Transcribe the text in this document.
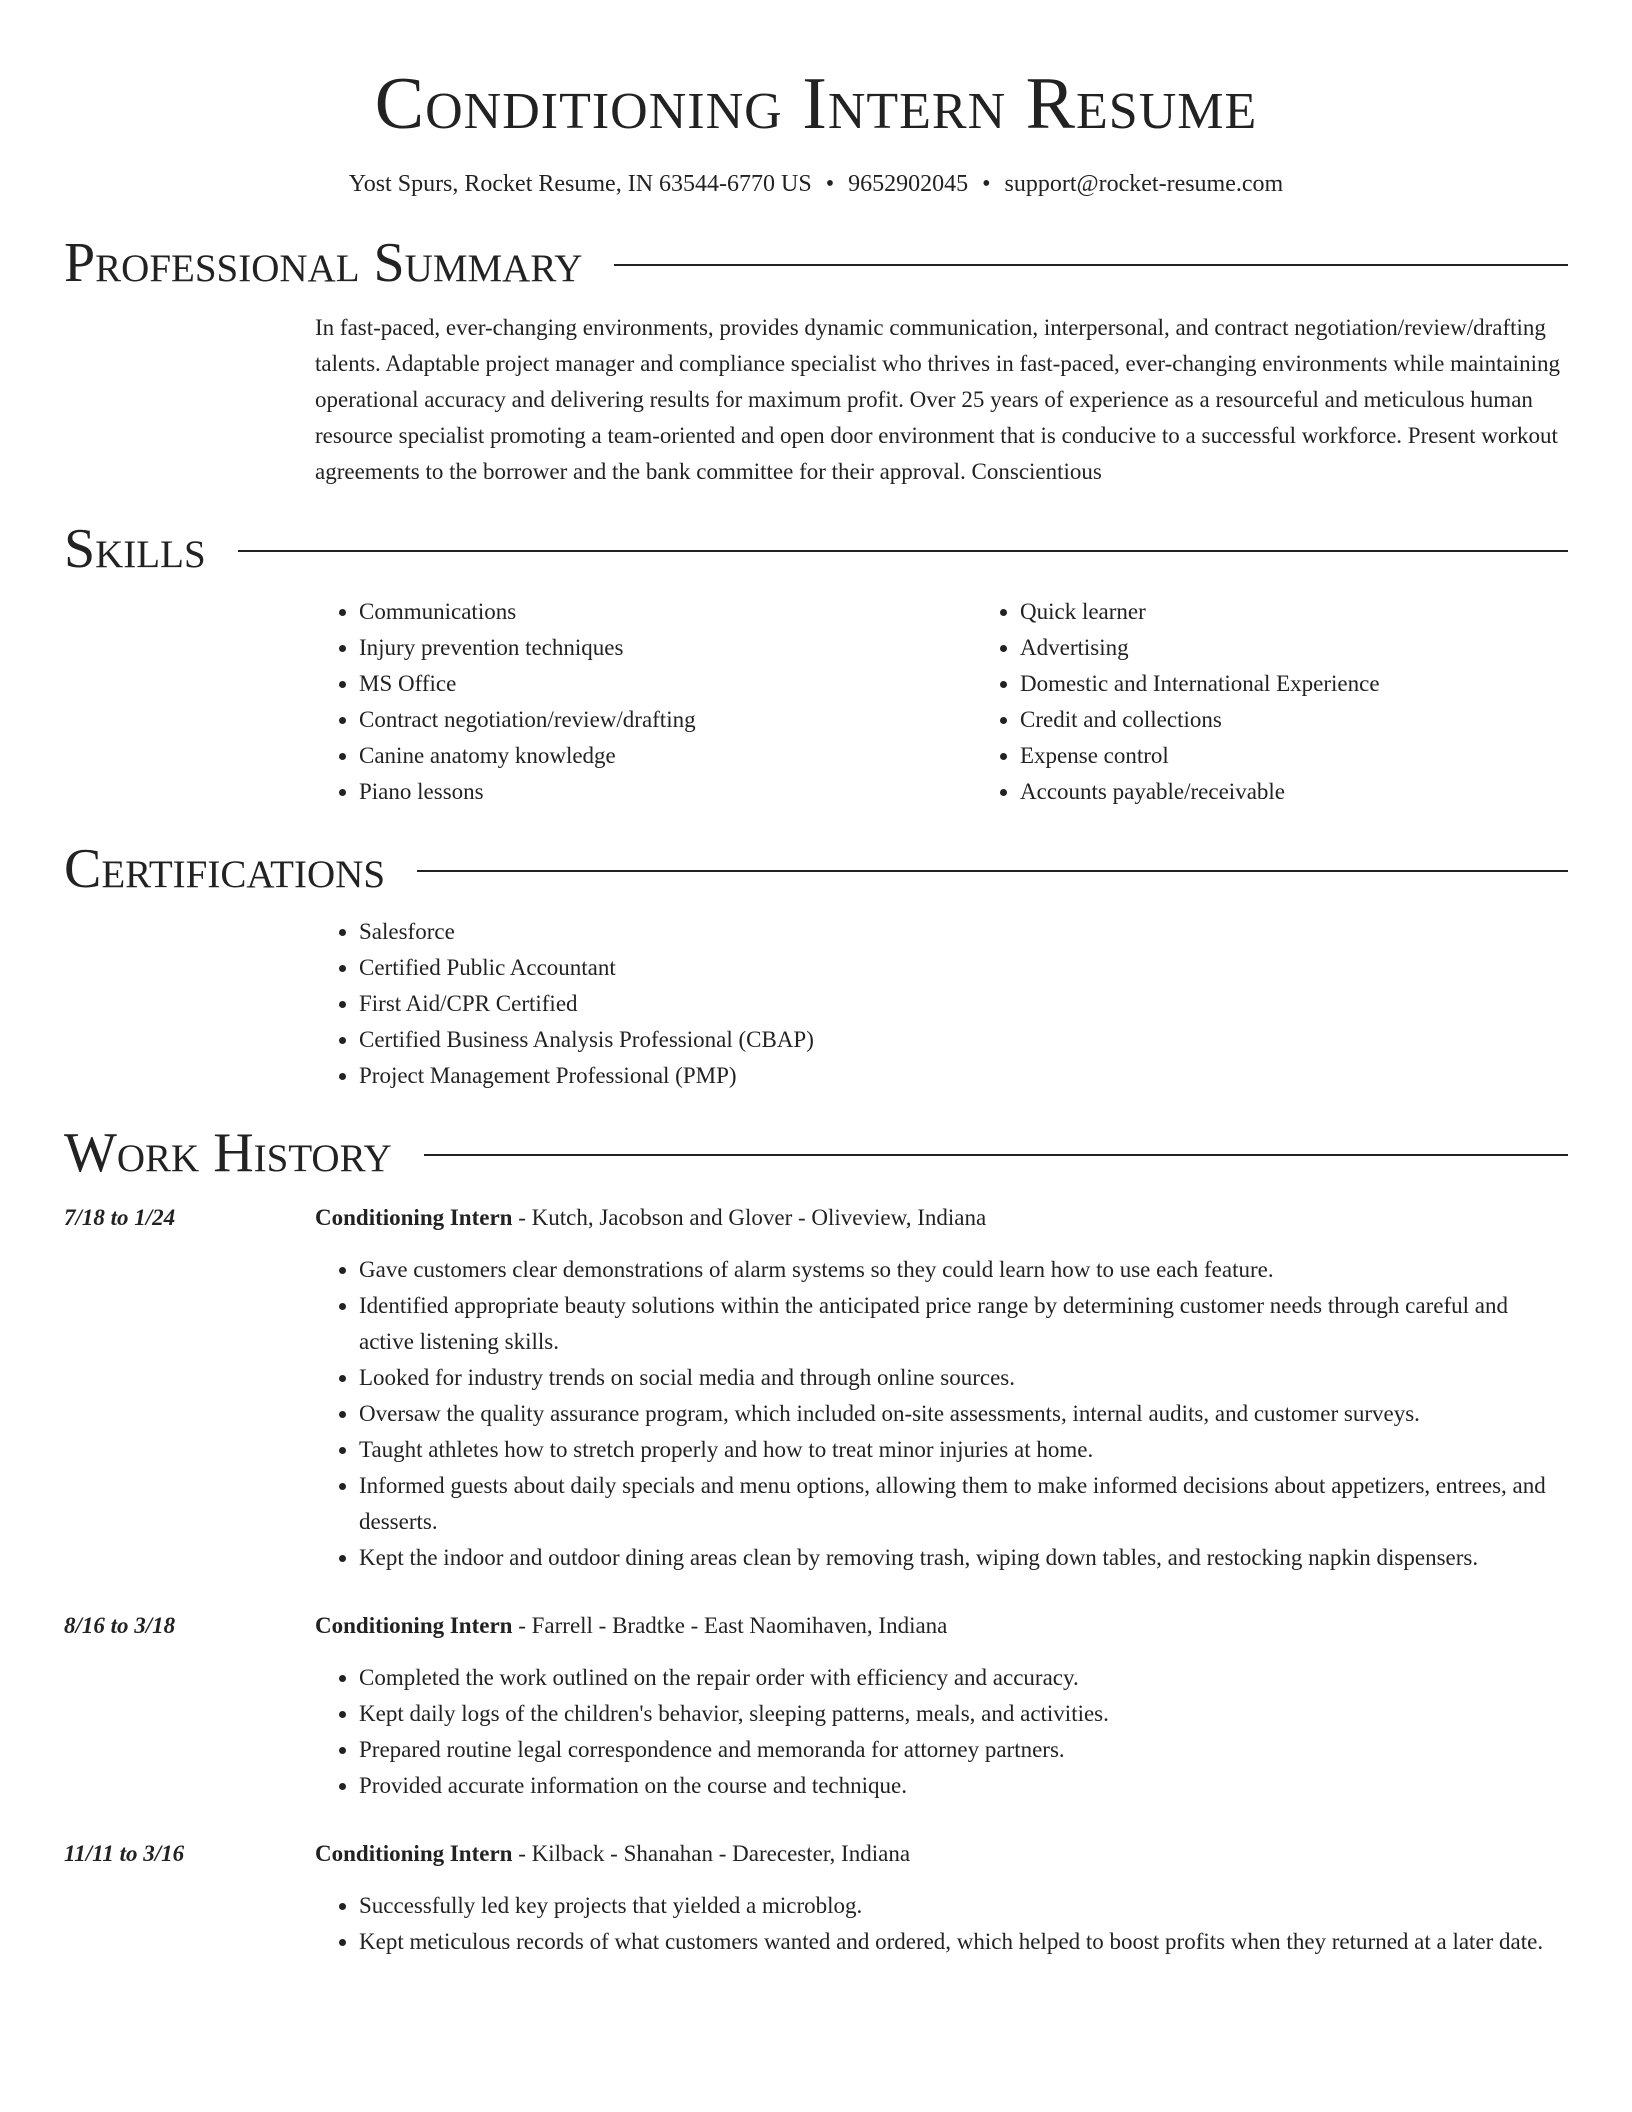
Conditioning Intern Resume
Yost Spurs, Rocket Resume, IN 63544-6770 US • 9652902045 • support@rocket-resume.com
Professional Summary

In fast-paced, ever-changing environments, provides dynamic communication, interpersonal, and contract negotiation/review/drafting talents. Adaptable project manager and compliance specialist who thrives in fast-paced, ever-changing environments while maintaining operational accuracy and delivering results for maximum profit. Over 25 years of experience as a resourceful and meticulous human resource specialist promoting a team-oriented and open door environment that is conducive to a successful workforce. Present workout agreements to the borrower and the bank committee for their approval. Conscientious

Skills
• Communications
• Injury prevention techniques
• MS Office
• Contract negotiation/review/drafting
• Canine anatomy knowledge
• Piano lessons
• Quick learner
• Advertising
• Domestic and International Experience
• Credit and collections
• Expense control
• Accounts payable/receivable
Certifications
• Salesforce
• Certified Public Accountant
• First Aid/CPR Certified
• Certified Business Analysis Professional (CBAP)
• Project Management Professional (PMP)
Work History
7/18 to 1/24	Conditioning Intern - Kutch, Jacobson and Glover - Oliveview, Indiana
• Gave customers clear demonstrations of alarm systems so they could learn how to use each feature.
• Identified appropriate beauty solutions within the anticipated price range by determining customer needs through careful and active listening skills.
• Looked for industry trends on social media and through online sources.
• Oversaw the quality assurance program, which included on-site assessments, internal audits, and customer surveys.
• Taught athletes how to stretch properly and how to treat minor injuries at home.
• Informed guests about daily specials and menu options, allowing them to make informed decisions about appetizers, entrees, and desserts.
• Kept the indoor and outdoor dining areas clean by removing trash, wiping down tables, and restocking napkin dispensers.
8/16 to 3/18	Conditioning Intern - Farrell - Bradtke - East Naomihaven, Indiana
• Completed the work outlined on the repair order with efficiency and accuracy.
• Kept daily logs of the children's behavior, sleeping patterns, meals, and activities.
• Prepared routine legal correspondence and memoranda for attorney partners.
• Provided accurate information on the course and technique.
11/11 to 3/16	Conditioning Intern - Kilback - Shanahan - Darecester, Indiana
• Successfully led key projects that yielded a microblog.
• Kept meticulous records of what customers wanted and ordered, which helped to boost profits when they returned at a later date.
